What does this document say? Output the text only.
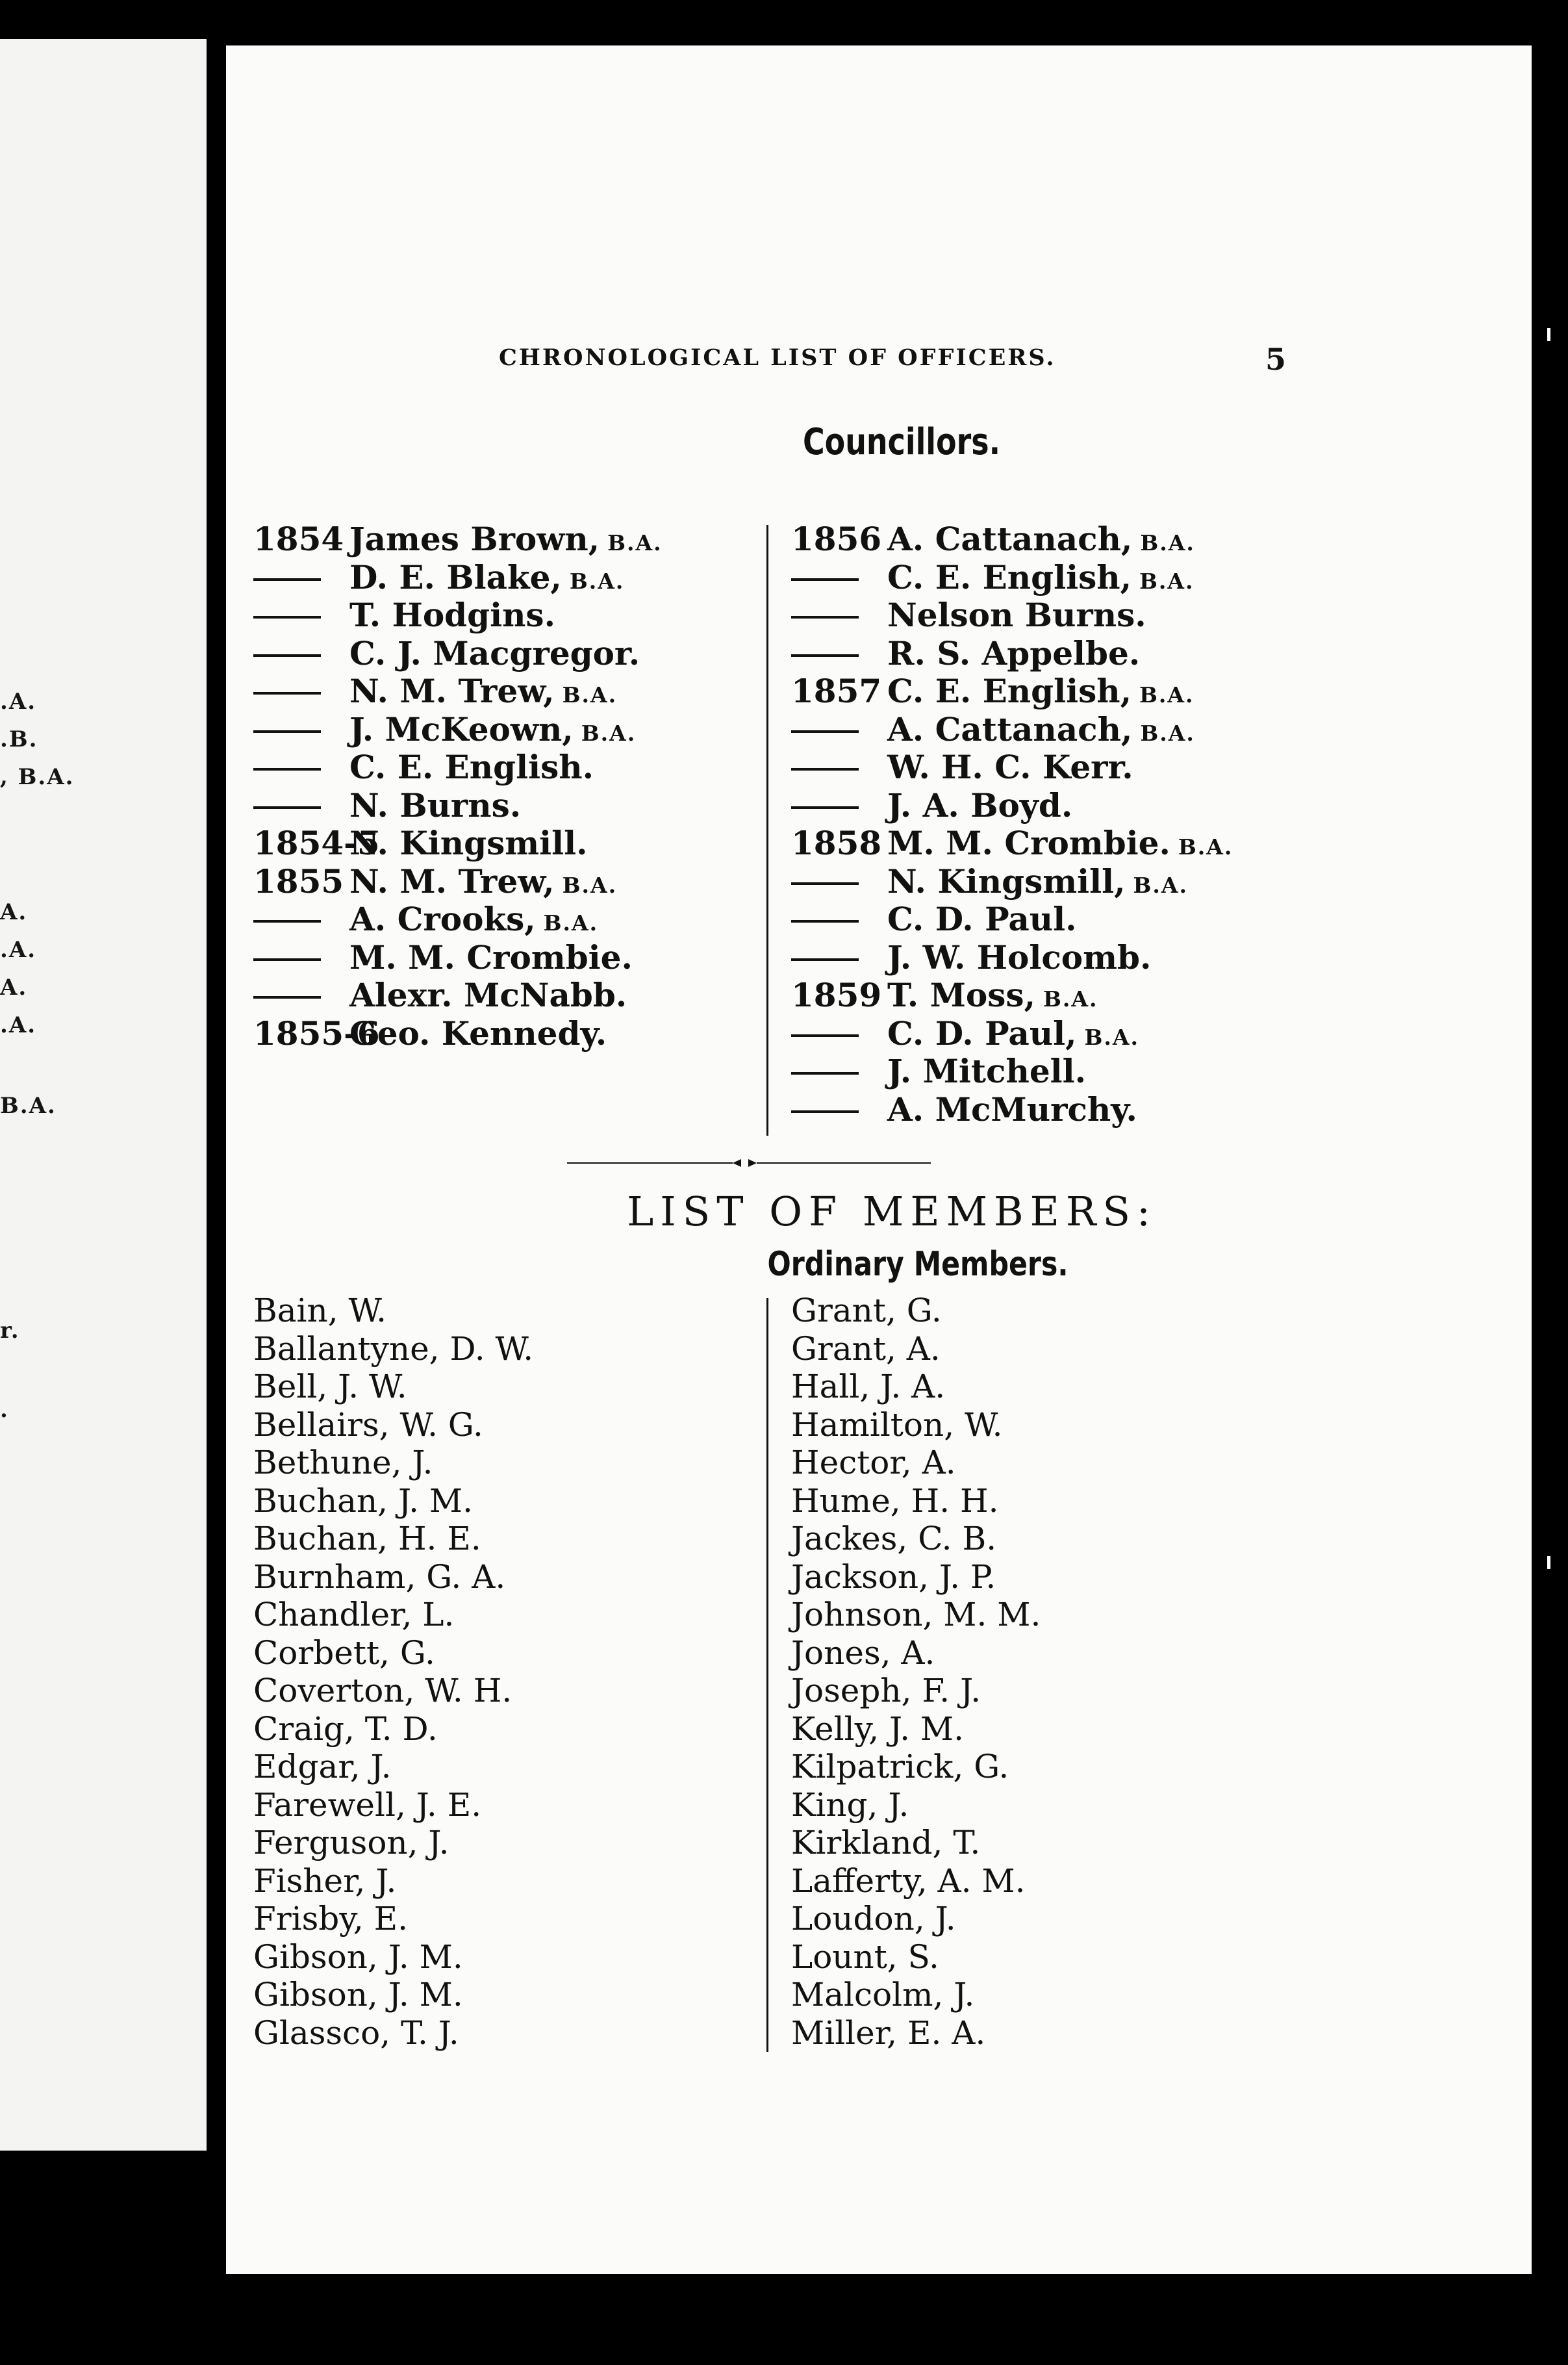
.A.
.B.
, B.A.
A.
.A.
A.
.A.
B.A.
r.
.
CHRONOLOGICAL LIST OF OFFICERS.	5
Councillors.
1854 James Brown, B.A.
D. E. Blake, B.A.
T. Hodgins.
C. J. Macgregor.
N. M. Trew, B.A.
J. McKeown, B.A.
C. E. English.
N. Burns.
1854-5
N. Kingsmill.
1855 N. M. Trew, B.A.
A. Crooks, B.A.
M. M. Crombie.
Alexr. McNabb.
1855-6
Geo. Kennedy.
1856 A. Cattanach, B.A.
C. E. English, B.A.
Nelson Burns.
R. S. Appelbe.
1857 C. E. English, B.A.
A. Cattanach, B.A.
W. H. C. Kerr.
J. A. Boyd.
1858 M. M. Crombie. B.A.
N. Kingsmill, B.A.
C. D. Paul.
J. W. Holcomb.
1859 T. Moss, B.A.
C. D. Paul, B.A.
J. Mitchell.
A. McMurchy.
LIST OF MEMBERS:
Ordinary Members.
Bain, W.
Ballantyne, D. W.
Bell, J. W.
Bellairs, W. G.
Bethune, J.
Buchan, J. M.
Buchan, H. E.
Burnham, G. A.
Chandler, L.
Corbett, G.
Coverton, W. H.
Craig, T. D.
Edgar, J.
Farewell, J. E.
Ferguson, J.
Fisher, J.
Frisby, E.
Gibson, J. M.
Gibson, J. M.
Glassco, T. J.
Grant, G.
Grant, A.
Hall, J. A.
Hamilton, W.
Hector, A.
Hume, H. H.
Jackes, C. B.
Jackson, J. P.
Johnson, M. M.
Jones, A.
Joseph, F. J.
Kelly, J. M.
Kilpatrick, G.
King, J.
Kirkland, T.
Lafferty, A. M.
Loudon, J.
Lount, S.
Malcolm, J.
Miller, E. A.
